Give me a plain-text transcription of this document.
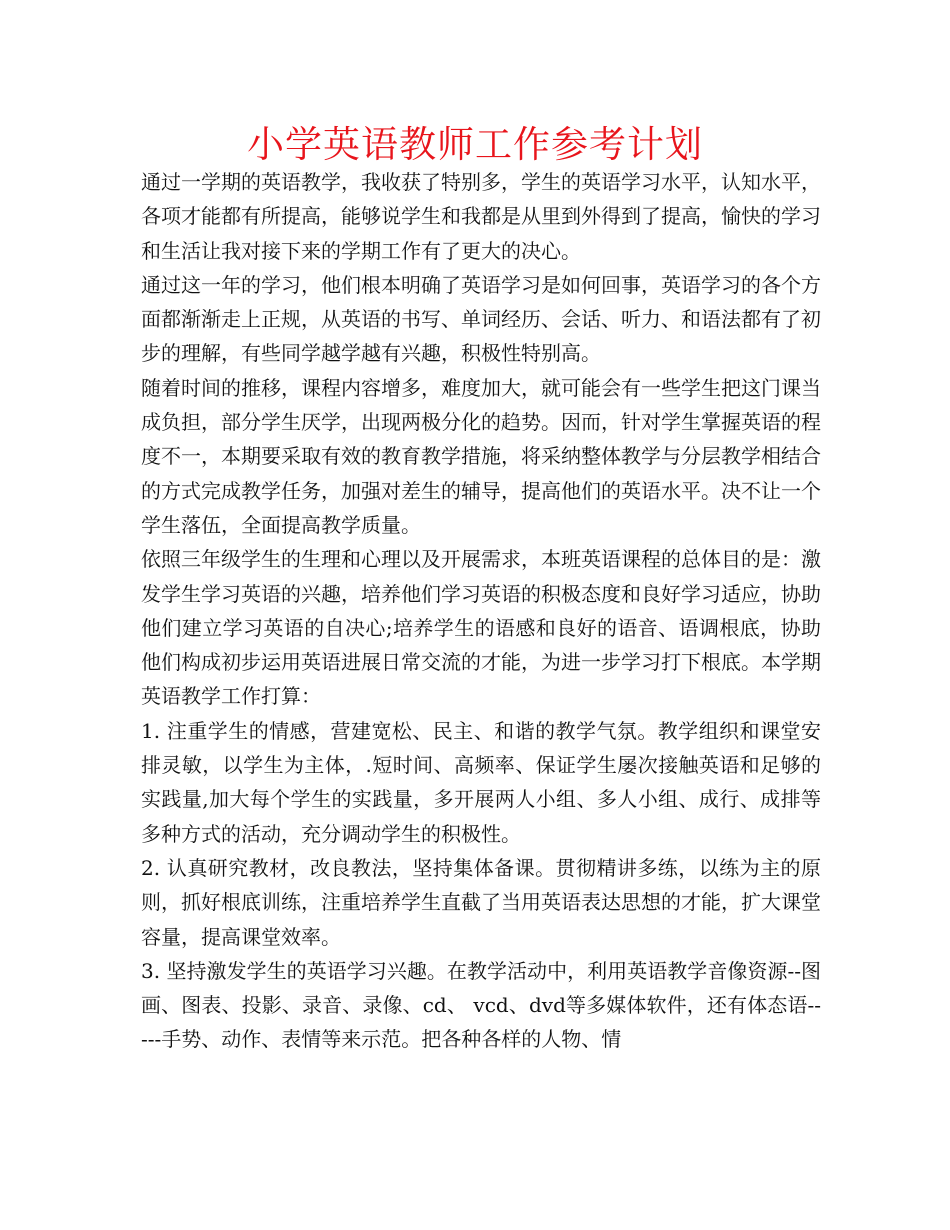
小学英语教师工作参考计划

通过一学期的英语教学，我收获了特别多，学生的英语学习水平，认知水平，各项才能都有所提高，能够说学生和我都是从里到外得到了提高，愉快的学习和生活让我对接下来的学期工作有了更大的决心。

通过这一年的学习，他们根本明确了英语学习是如何回事，英语学习的各个方面都渐渐走上正规，从英语的书写、单词经历、会话、听力、和语法都有了初步的理解，有些同学越学越有兴趣，积极性特别高。

随着时间的推移，课程内容增多，难度加大，就可能会有一些学生把这门课当成负担，部分学生厌学，出现两极分化的趋势。因而，针对学生掌握英语的程度不一，本期要采取有效的教育教学措施，将采纳整体教学与分层教学相结合的方式完成教学任务，加强对差生的辅导，提高他们的英语水平。决不让一个学生落伍，全面提高教学质量。

依照三年级学生的生理和心理以及开展需求，本班英语课程的总体目的是：激发学生学习英语的兴趣，培养他们学习英语的积极态度和良好学习适应，协助他们建立学习英语的自决心;培养学生的语感和良好的语音、语调根底，协助他们构成初步运用英语进展日常交流的才能，为进一步学习打下根底。本学期英语教学工作打算：

1. 注重学生的情感，营建宽松、民主、和谐的教学气氛。教学组织和课堂安排灵敏，以学生为主体，.短时间、高频率、保证学生屡次接触英语和足够的实践量,加大每个学生的实践量，多开展两人小组、多人小组、成行、成排等多种方式的活动，充分调动学生的积极性。

2. 认真研究教材，改良教法，坚持集体备课。贯彻精讲多练，以练为主的原则，抓好根底训练，注重培养学生直截了当用英语表达思想的才能，扩大课堂容量，提高课堂效率。

3. 坚持激发学生的英语学习兴趣。在教学活动中，利用英语教学音像资源--图画、图表、投影、录音、录像、cd、 vcd、dvd等多媒体软件，还有体态语-----手势、动作、表情等来示范。把各种各样的人物、情
